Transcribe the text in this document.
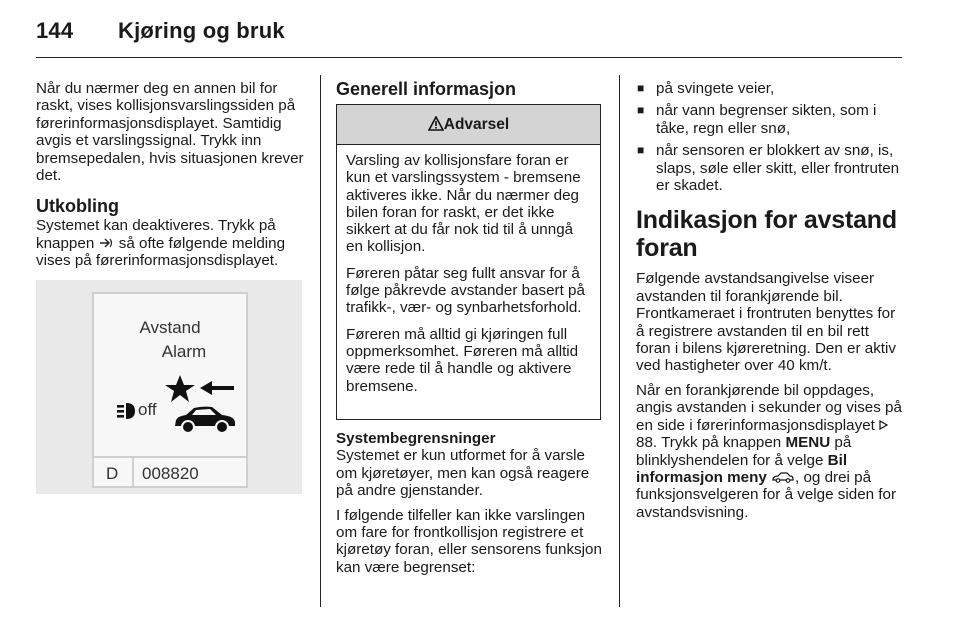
144 Kjøring og bruk

Når du nærmer deg en annen bil for raskt, vises kollisjonsvarslingssiden på førerinformasjonsdisplayet. Samtidig avgis et varslingssignal. Trykk inn bremsepedalen, hvis situasjonen krever det.

Utkobling

Systemet kan deaktiveres. Trykk på knappen så ofte følgende melding vises på førerinformasjonsdisplayet.

Avstand
Alarm
off
D 008820
Generell informasjon
Advarsel

Varsling av kollisjonsfare foran er kun et varslingssystem - bremsene aktiveres ikke. Når du nærmer deg bilen foran for raskt, er det ikke sikkert at du får nok tid til å unngå en kollisjon.

Føreren påtar seg fullt ansvar for å følge påkrevde avstander basert på trafikk-, vær- og synbarhetsforhold.

Føreren må alltid gi kjøringen full oppmerksomhet. Føreren må alltid være rede til å handle og aktivere bremsene.

Systembegrensninger

Systemet er kun utformet for å varsle om kjøretøyer, men kan også reagere på andre gjenstander.

I følgende tilfeller kan ikke varslingen om fare for frontkollisjon registrere et kjøretøy foran, eller sensorens funksjon kan være begrenset:

■ på svingete veier,
■ når vann begrenser sikten, som i tåke, regn eller snø,
■ når sensoren er blokkert av snø, is, slaps, søle eller skitt, eller frontruten er skadet.

Indikasjon for avstand foran

Følgende avstandsangivelse viseer avstanden til forankjørende bil. Frontkameraet i frontruten benyttes for å registrere avstanden til en bil rett foran i bilens kjøreretning. Den er aktiv ved hastigheter over 40 km/t.

Når en forankjørende bil oppdages, angis avstanden i sekunder og vises på en side i førerinformasjonsdisplayet  88. Trykk på knappen MENU på blinklyshendelen for å velge Bil informasjon meny , og drei på funksjonsvelgeren for å velge siden for avstandsvisning.
